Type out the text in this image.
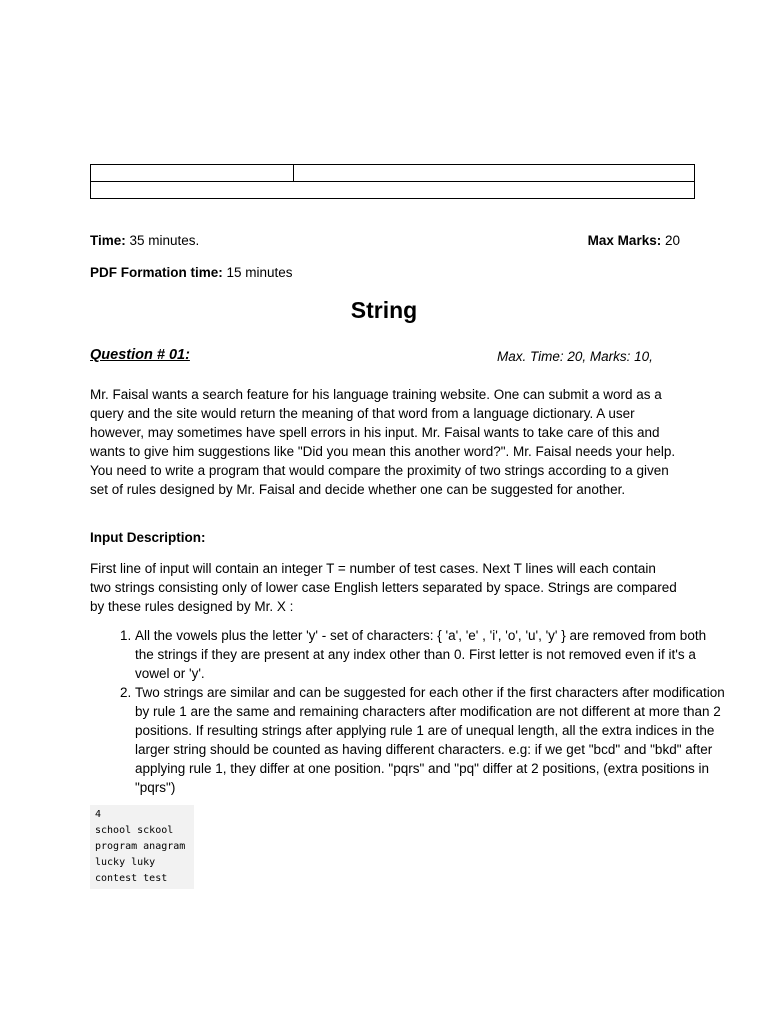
Time: 35 minutes.	Max Marks: 20
PDF Formation time: 15 minutes
String
Question # 01:	Max. Time: 20, Marks: 10,

Mr. Faisal wants a search feature for his language training website. One can submit a word as a query and the site would return the meaning of that word from a language dictionary. A user however, may sometimes have spell errors in his input. Mr. Faisal wants to take care of this and wants to give him suggestions like "Did you mean this another word?". Mr. Faisal needs your help. You need to write a program that would compare the proximity of two strings according to a given set of rules designed by Mr. Faisal and decide whether one can be suggested for another.

Input Description:

First line of input will contain an integer T = number of test cases. Next T lines will each contain two strings consisting only of lower case English letters separated by space. Strings are compared by these rules designed by Mr. X :

1. All the vowels plus the letter 'y' - set of characters: { 'a', 'e' , 'i', 'o', 'u', 'y' } are removed from both the strings if they are present at any index other than 0. First letter is not removed even if it's a vowel or 'y'.
2. Two strings are similar and can be suggested for each other if the first characters after modification by rule 1 are the same and remaining characters after modification are not different at more than 2 positions. If resulting strings after applying rule 1 are of unequal length, all the extra indices in the larger string should be counted as having different characters. e.g: if we get "bcd" and "bkd" after applying rule 1, they differ at one position. "pqrs" and "pq" differ at 2 positions, (extra positions in "pqrs")
4
school sckool
program anagram
lucky luky
contest test
